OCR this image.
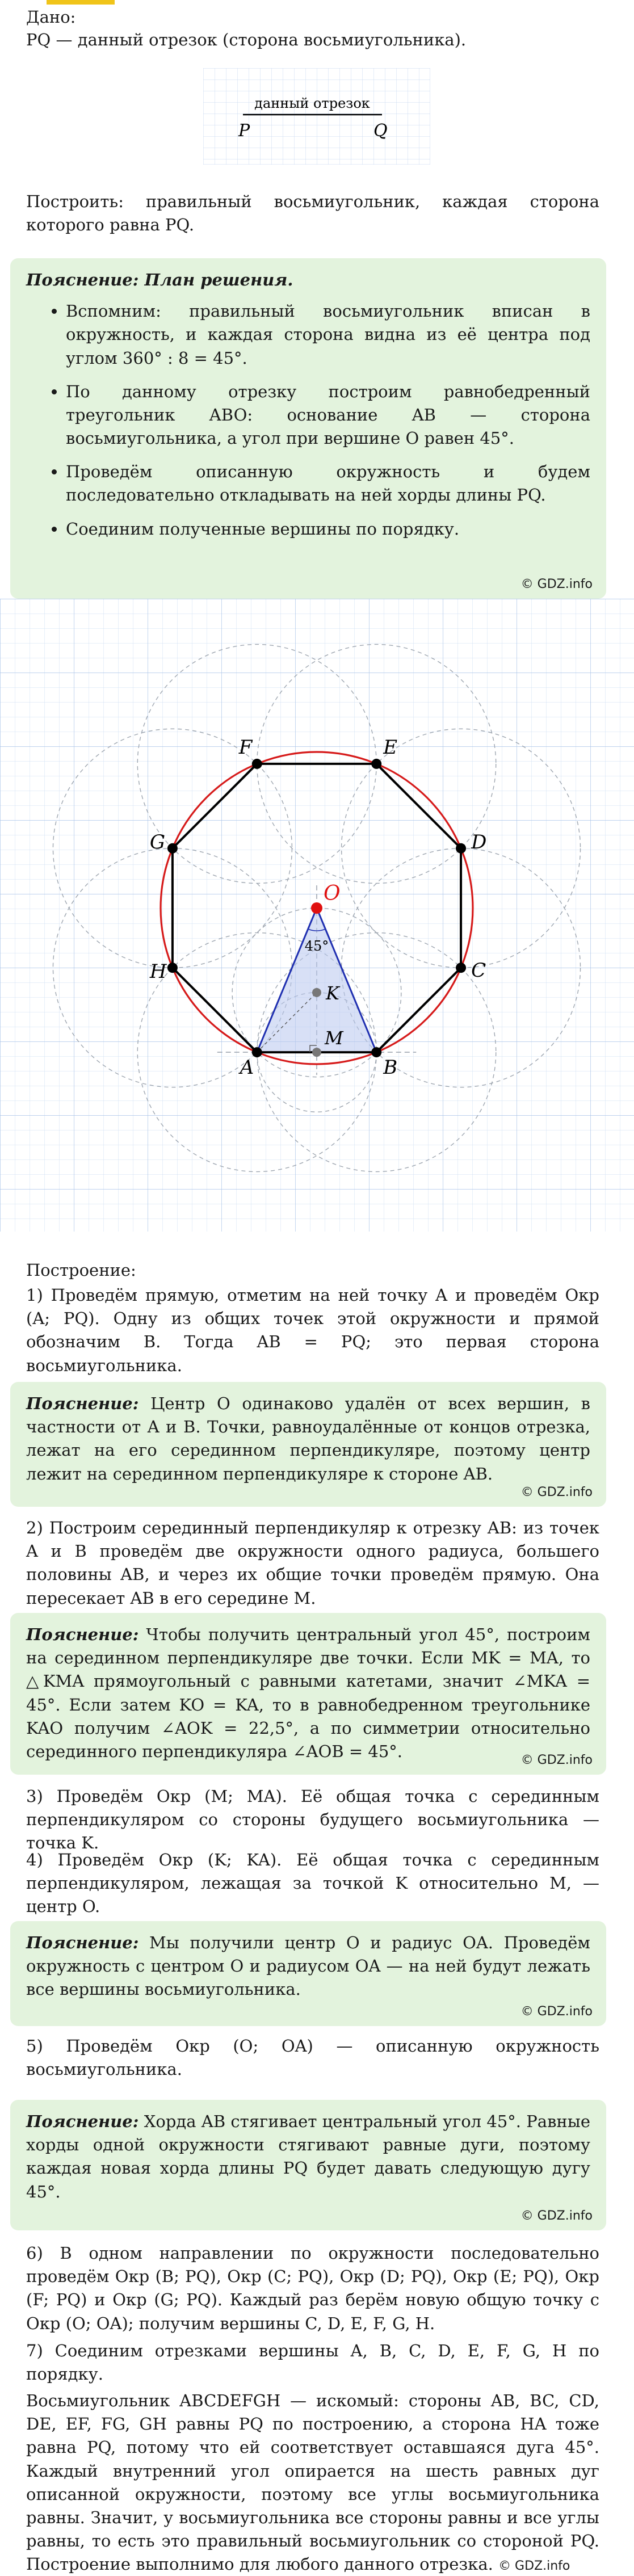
Дано:
PQ — данный отрезок (сторона восьмиугольника).
данный отрезок
P	Q
Построить: правильный восьмиугольник, каждая сторона которого равна PQ.
Пояснение: План решения.
• Вспомним: правильный восьмиугольник вписан в окружность, и каждая сторона видна из её центра под углом 360° : 8 = 45°.
• По данному отрезку построим равнобедренный треугольник ABO: основание AB — сторона восьмиугольника, а угол при вершине O равен 45°.
• Проведём описанную окружность и будем последовательно откладывать на ней хорды длины PQ.
• Соединим полученные вершины по порядку.
© GDZ.info
45°
A	B
C
D
E
F
G
H
O
K
M
Построение:
1) Проведём прямую, отметим на ней точку A и проведём Окр (A; PQ). Одну из общих точек этой окружности и прямой обозначим B. Тогда AB = PQ; это первая сторона восьмиугольника.

Пояснение: Центр O одинаково удалён от всех вершин, в частности от A и B. Точки, равноудалённые от концов отрезка, лежат на его серединном перпендикуляре, поэтому центр лежит на серединном перпендикуляре к стороне AB.

© GDZ.info
2) Построим серединный перпендикуляр к отрезку AB: из точек A и B проведём две окружности одного радиуса, большего половины AB, и через их общие точки проведём прямую. Она пересекает AB в его середине M.

Пояснение: Чтобы получить центральный угол 45°, построим на серединном перпендикуляре две точки. Если MK = MA, то △KMA прямоугольный с равными катетами, значит ∠MKA = 45°. Если затем KO = KA, то в равнобедренном треугольнике KAO получим ∠AOK = 22,5°, а по симметрии относительно серединного перпендикуляра ∠AOB = 45°.	© GDZ.info
3) Проведём Окр (M; MA). Её общая точка с серединным перпендикуляром со стороны будущего восьмиугольника — точка K.
4) Проведём Окр (K; KA). Её общая точка с серединным перпендикуляром, лежащая за точкой K относительно M, — центр O.

Пояснение: Мы получили центр O и радиус OA. Проведём окружность с центром O и радиусом OA — на ней будут лежать все вершины восьмиугольника.

© GDZ.info
5) Проведём Окр (O; OA) — описанную окружность восьмиугольника.

Пояснение: Хорда AB стягивает центральный угол 45°. Равные хорды одной окружности стягивают равные дуги, поэтому каждая новая хорда длины PQ будет давать следующую дугу 45°.

© GDZ.info
6) В одном направлении по окружности последовательно проведём Окр (B; PQ), Окр (C; PQ), Окр (D; PQ), Окр (E; PQ), Окр (F; PQ) и Окр (G; PQ). Каждый раз берём новую общую точку с Окр (O; OA); получим вершины C, D, E, F, G, H.
7) Соединим отрезками вершины A, B, C, D, E, F, G, H по порядку.
Восьмиугольник ABCDEFGH — искомый: стороны AB, BC, CD, DE, EF, FG, GH равны PQ по построению, а сторона HA тоже равна PQ, потому что ей соответствует оставшаяся дуга 45°. Каждый внутренний угол опирается на шесть равных дуг описанной окружности, поэтому все углы восьмиугольника равны. Значит, у восьмиугольника все стороны равны и все углы равны, то есть это правильный восьмиугольник со стороной PQ. Построение выполнимо для любого данного отрезка. © GDZ.info
